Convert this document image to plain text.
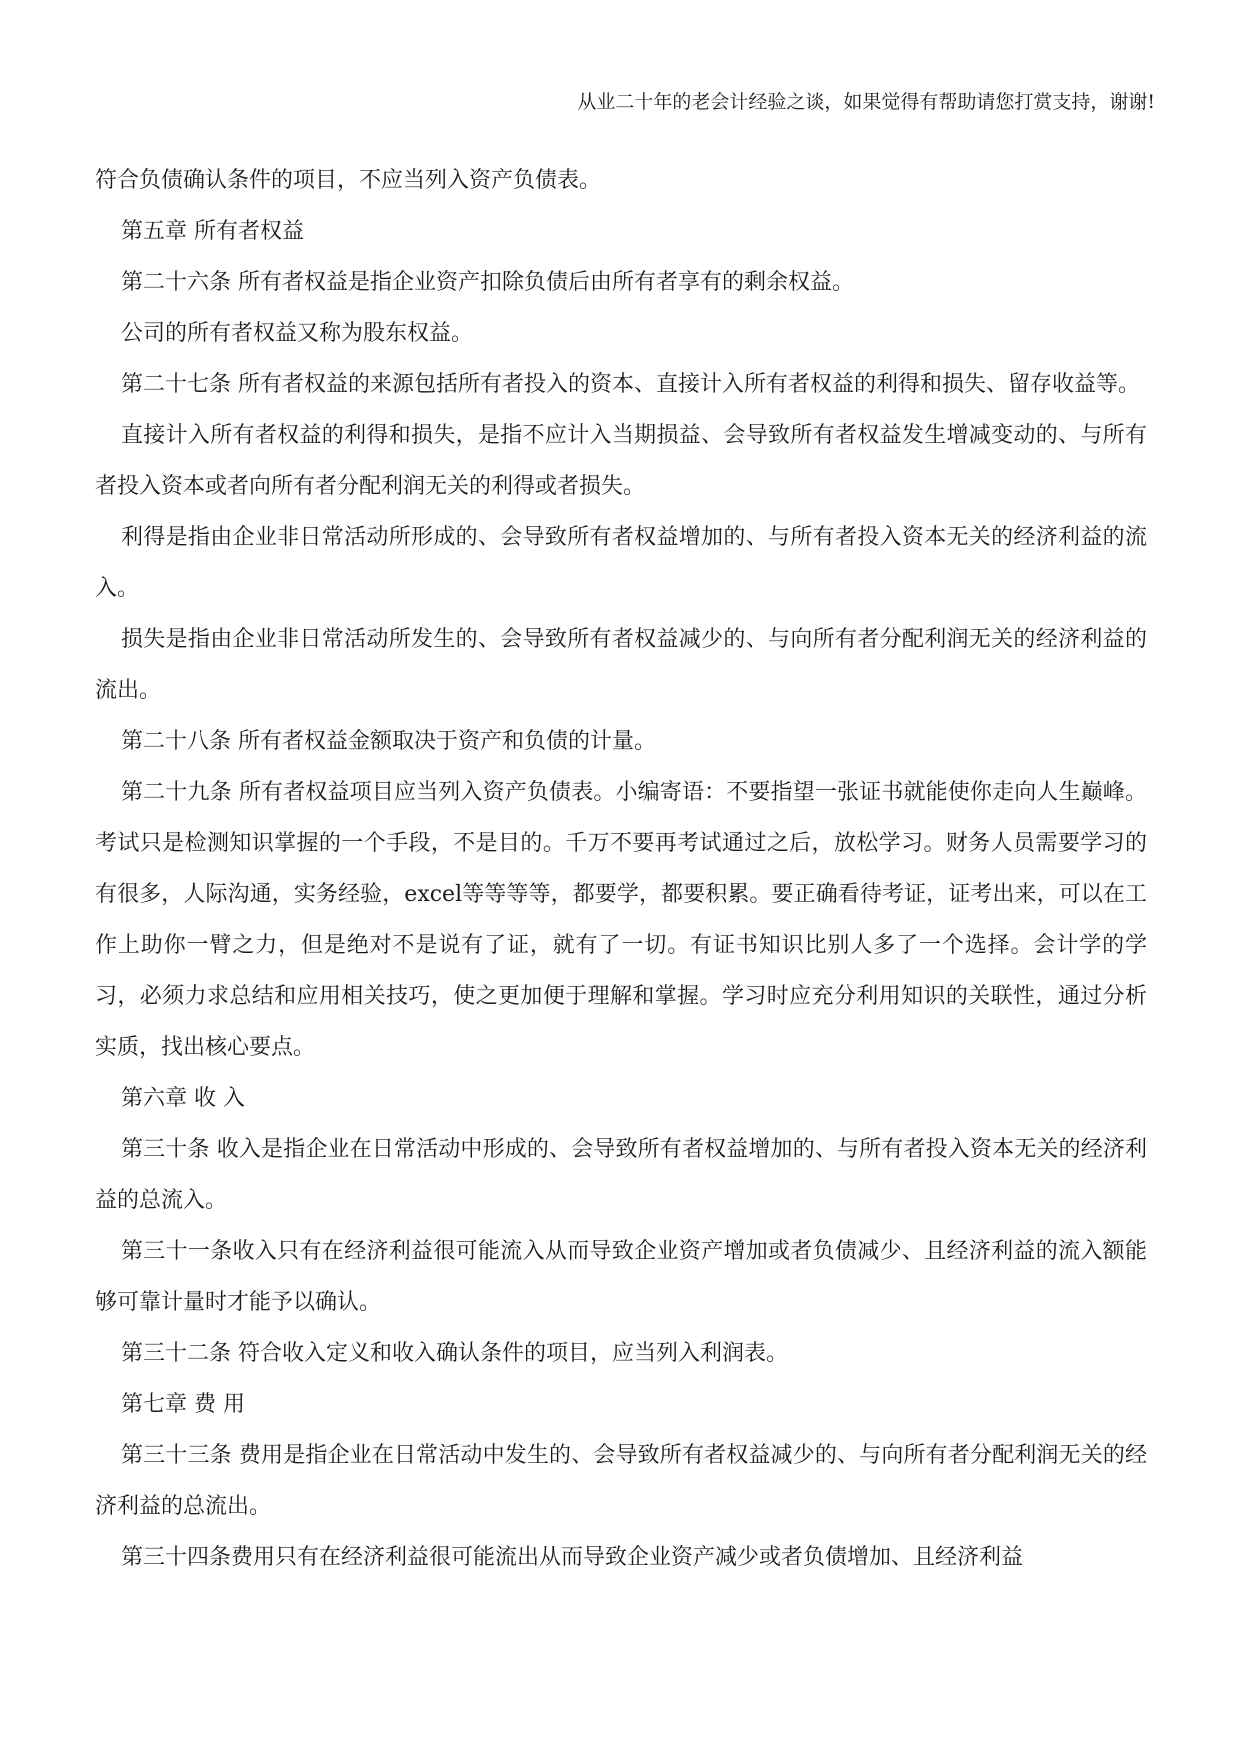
从业二十年的老会计经验之谈，如果觉得有帮助请您打赏支持，谢谢!

符合负债确认条件的项目，不应当列入资产负债表。

第五章 所有者权益

第二十六条 所有者权益是指企业资产扣除负债后由所有者享有的剩余权益。

公司的所有者权益又称为股东权益。

第二十七条 所有者权益的来源包括所有者投入的资本、直接计入所有者权益的利得和损失、留存收益等。

直接计入所有者权益的利得和损失，是指不应计入当期损益、会导致所有者权益发生增减变动的、与所有者投入资本或者向所有者分配利润无关的利得或者损失。

利得是指由企业非日常活动所形成的、会导致所有者权益增加的、与所有者投入资本无关的经济利益的流入。

损失是指由企业非日常活动所发生的、会导致所有者权益减少的、与向所有者分配利润无关的经济利益的流出。

第二十八条 所有者权益金额取决于资产和负债的计量。

第二十九条 所有者权益项目应当列入资产负债表。小编寄语：不要指望一张证书就能使你走向人生巅峰。考试只是检测知识掌握的一个手段，不是目的。千万不要再考试通过之后，放松学习。财务人员需要学习的有很多，人际沟通，实务经验，excel等等等等，都要学，都要积累。要正确看待考证，证考出来，可以在工作上助你一臂之力，但是绝对不是说有了证，就有了一切。有证书知识比别人多了一个选择。会计学的学习，必须力求总结和应用相关技巧，使之更加便于理解和掌握。学习时应充分利用知识的关联性，通过分析实质，找出核心要点。

第六章 收 入

第三十条 收入是指企业在日常活动中形成的、会导致所有者权益增加的、与所有者投入资本无关的经济利益的总流入。

第三十一条收入只有在经济利益很可能流入从而导致企业资产增加或者负债减少、且经济利益的流入额能够可靠计量时才能予以确认。

第三十二条 符合收入定义和收入确认条件的项目，应当列入利润表。

第七章 费 用

第三十三条 费用是指企业在日常活动中发生的、会导致所有者权益减少的、与向所有者分配利润无关的经济利益的总流出。

第三十四条费用只有在经济利益很可能流出从而导致企业资产减少或者负债增加、且经济利益
